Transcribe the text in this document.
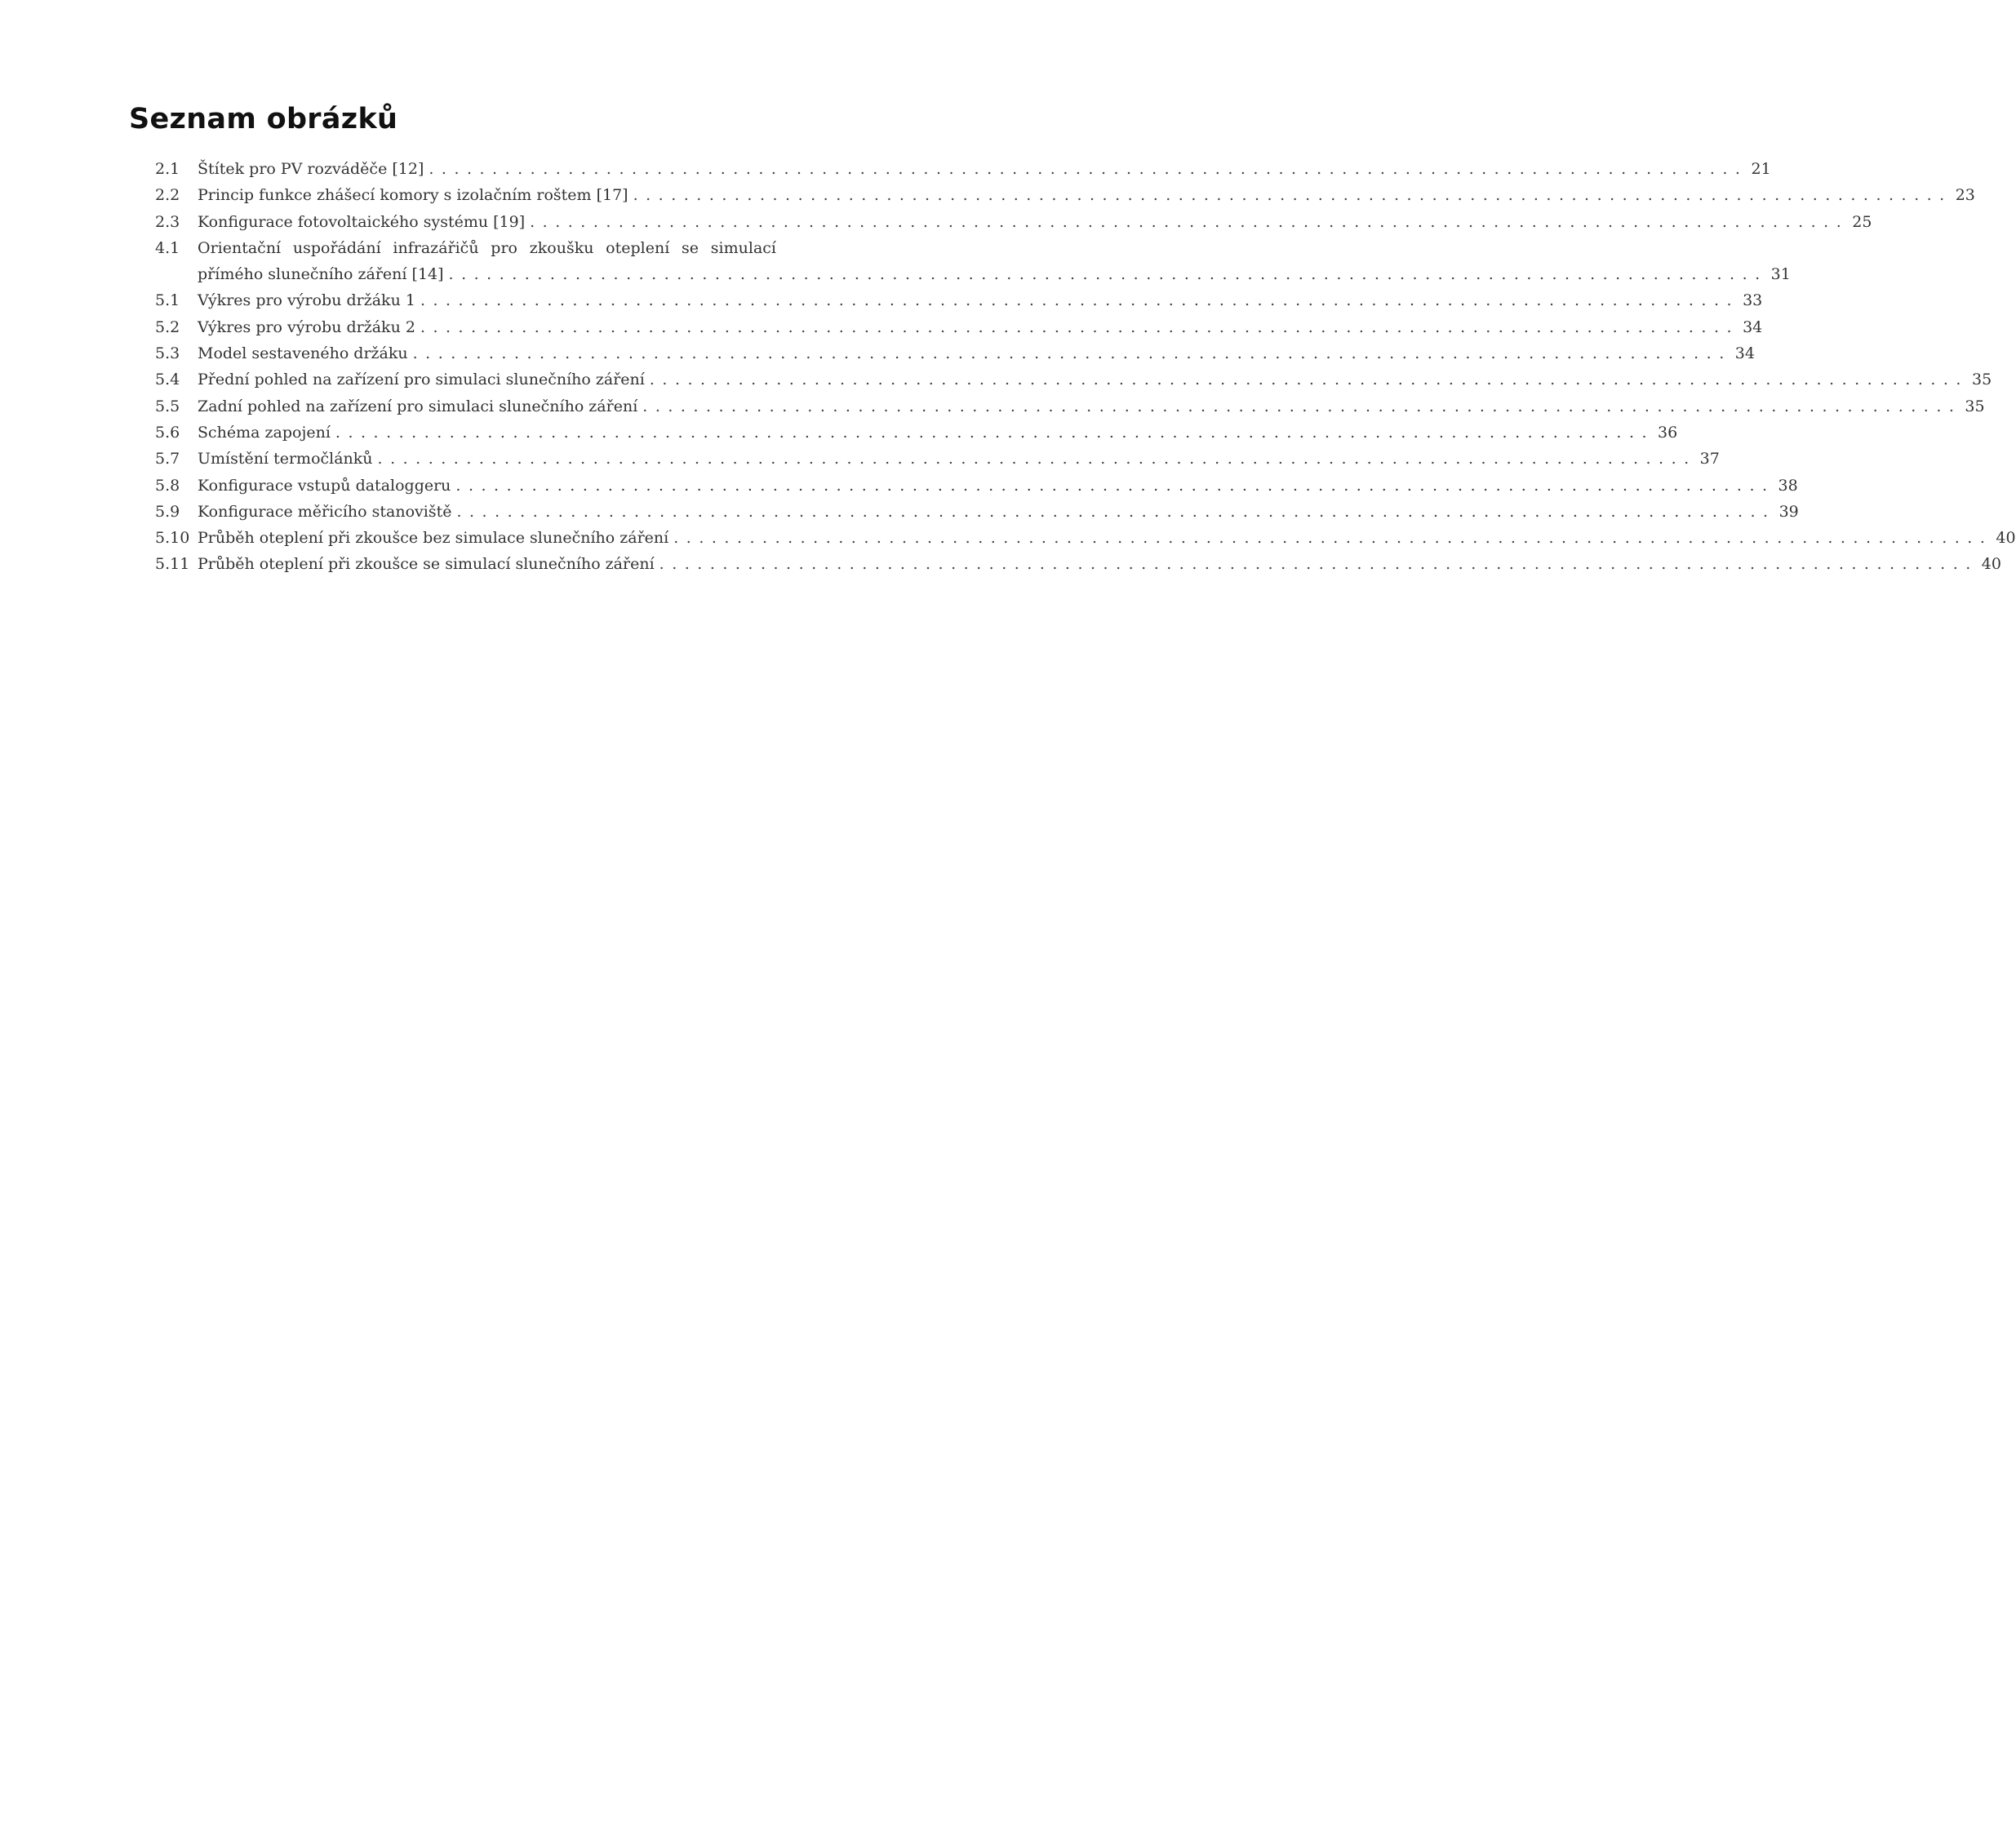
Seznam obrázků
2.1	Štítek pro PV rozváděče [12] ........................................................................................................ 21
2.2	Princip funkce zhášecí komory s izolačním roštem [17] ........................................................................................................ 23
2.3	Konfigurace fotovoltaického systému [19] ........................................................................................................ 25
4.1	Orientační uspořádání infrazářičů pro zkoušku oteplení se simulací
přímého slunečního záření [14] ........................................................................................................ 31
5.1	Výkres pro výrobu držáku 1 ........................................................................................................ 33
5.2	Výkres pro výrobu držáku 2 ........................................................................................................ 34
5.3	Model sestaveného držáku ........................................................................................................ 34
5.4	Přední pohled na zařízení pro simulaci slunečního záření ........................................................................................................ 35
5.5	Zadní pohled na zařízení pro simulaci slunečního záření ........................................................................................................ 35
5.6	Schéma zapojení ........................................................................................................ 36
5.7	Umístění termočlánků ........................................................................................................ 37
5.8	Konfigurace vstupů dataloggeru ........................................................................................................ 38
5.9	Konfigurace měřicího stanoviště ........................................................................................................ 39
5.10 Průběh oteplení při zkoušce bez simulace slunečního záření ........................................................................................................ 40
5.11 Průběh oteplení při zkoušce se simulací slunečního záření ........................................................................................................ 40
